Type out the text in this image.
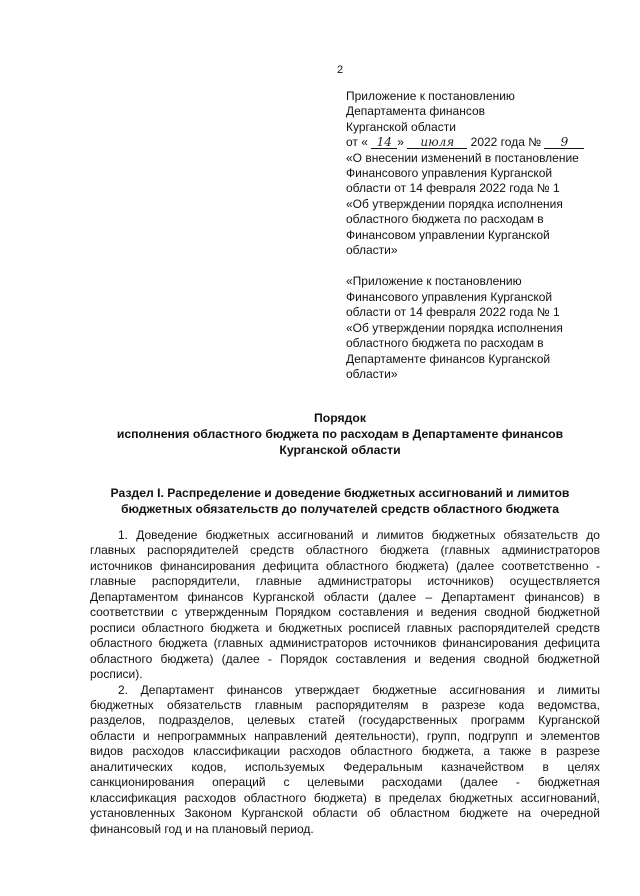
2
Приложение к постановлению
Департамента финансов
Курганской области
от « 14 » июля 2022 года № 9
«О внесении изменений в постановление
Финансового управления Курганской
области от 14 февраля 2022 года № 1
«Об утверждении порядка исполнения
областного бюджета по расходам в
Финансовом управлении Курганской
области»
«Приложение к постановлению
Финансового управления Курганской
области от 14 февраля 2022 года № 1
«Об утверждении порядка исполнения
областного бюджета по расходам в
Департаменте финансов Курганской
области»
Порядок
исполнения областного бюджета по расходам в Департаменте финансов
Курганской области
Раздел I. Распределение и доведение бюджетных ассигнований и лимитов
бюджетных обязательств до получателей средств областного бюджета
1. Доведение бюджетных ассигнований и лимитов бюджетных обязательств до
главных распорядителей средств областного бюджета (главных администраторов
источников финансирования дефицита областного бюджета) (далее соответственно -
главные распорядители, главные администраторы источников) осуществляется
Департаментом финансов Курганской области (далее – Департамент финансов) в
соответствии с утвержденным Порядком составления и ведения сводной бюджетной
росписи областного бюджета и бюджетных росписей главных распорядителей средств
областного бюджета (главных администраторов источников финансирования дефицита
областного бюджета) (далее - Порядок составления и ведения сводной бюджетной
росписи).
2. Департамент финансов утверждает бюджетные ассигнования и лимиты
бюджетных обязательств главным распорядителям в разрезе кода ведомства,
разделов, подразделов, целевых статей (государственных программ Курганской
области и непрограммных направлений деятельности), групп, подгрупп и элементов
видов расходов классификации расходов областного бюджета, а также в разрезе
аналитических кодов, используемых Федеральным казначейством в целях
санкционирования операций с целевыми расходами (далее - бюджетная
классификация расходов областного бюджета) в пределах бюджетных ассигнований,
установленных Законом Курганской области об областном бюджете на очередной
финансовый год и на плановый период.
